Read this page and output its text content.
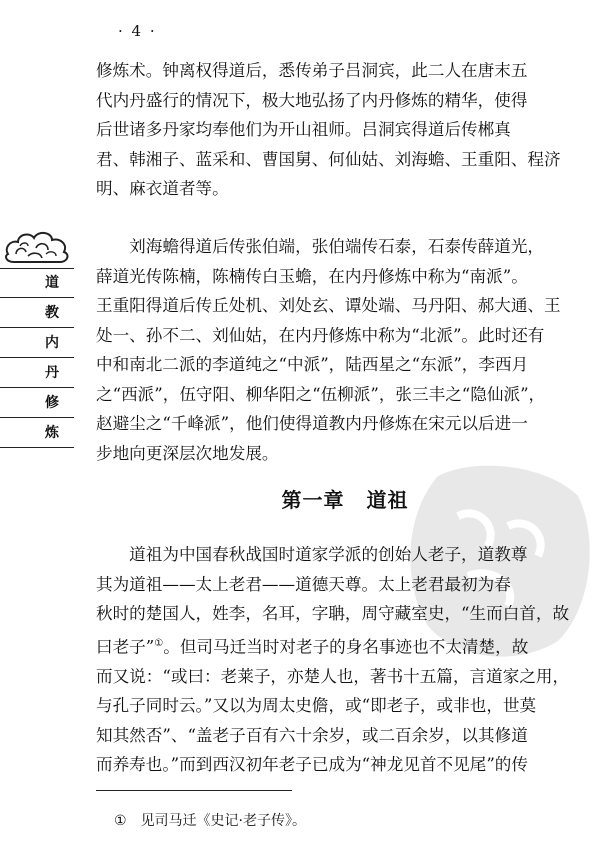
· 4 ·
道
教
内
丹
修
炼
修炼术。钟离权得道后，悉传弟子吕洞宾，此二人在唐末五
代内丹盛行的情况下，极大地弘扬了内丹修炼的精华，使得
后世诸多丹家均奉他们为开山祖师。吕洞宾得道后传郴真
君、韩湘子、蓝采和、曹国舅、何仙姑、刘海蟾、王重阳、程济
明、麻衣道者等。
　　刘海蟾得道后传张伯端，张伯端传石泰，石泰传薛道光，
薛道光传陈楠，陈楠传白玉蟾，在内丹修炼中称为“南派”。
王重阳得道后传丘处机、刘处玄、谭处端、马丹阳、郝大通、王
处一、孙不二、刘仙姑，在内丹修炼中称为“北派”。此时还有
中和南北二派的李道纯之“中派”，陆西星之“东派”，李西月
之“西派”，伍守阳、柳华阳之“伍柳派”，张三丰之“隐仙派”，
赵避尘之“千峰派”，他们使得道教内丹修炼在宋元以后进一
步地向更深层次地发展。
第一章 道祖
　　道祖为中国春秋战国时道家学派的创始人老子，道教尊
其为道祖——太上老君——道德天尊。太上老君最初为春
秋时的楚国人，姓李，名耳，字聃，周守藏室史，“生而白首，故
曰老子”①。但司马迁当时对老子的身名事迹也不太清楚，故
而又说：“或曰：老莱子，亦楚人也，著书十五篇，言道家之用，
与孔子同时云。”又以为周太史儋，或“即老子，或非也，世莫
知其然否”、“盖老子百有六十余岁，或二百余岁，以其修道
而养寿也。”而到西汉初年老子已成为“神龙见首不见尾”的传
① 见司马迁《史记·老子传》。
